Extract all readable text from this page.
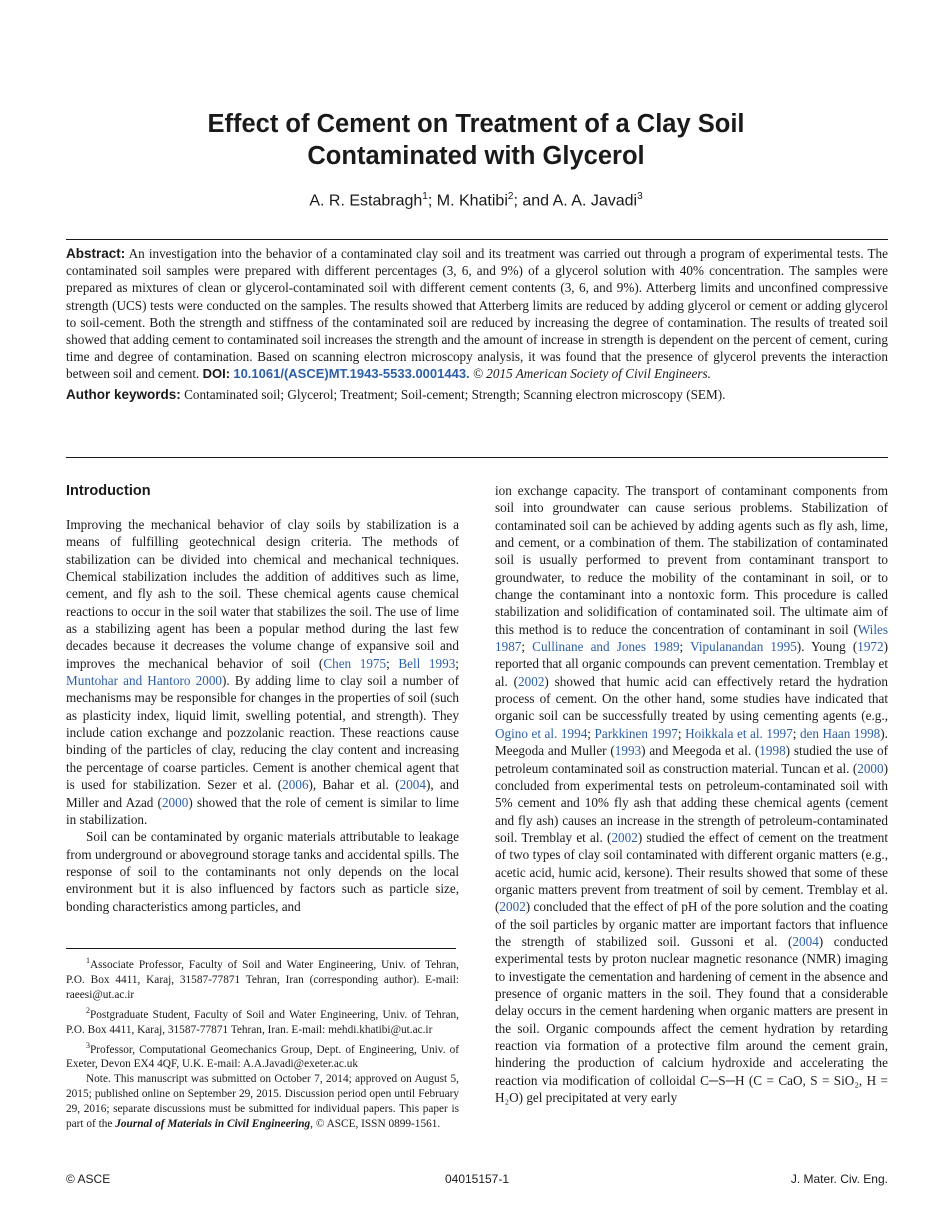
Effect of Cement on Treatment of a Clay Soil
Contaminated with Glycerol
A. R. Estabragh$^1$; M. Khatibi$^2$; and A. A. Javadi$^3$
Abstract: An investigation into the behavior of a contaminated clay soil and its treatment was carried out through a program of experimental tests. The contaminated soil samples were prepared with different percentages (3, 6, and 9%) of a glycerol solution with 40% concentration. The samples were prepared as mixtures of clean or glycerol-contaminated soil with different cement contents (3, 6, and 9%). Atterberg limits and unconfined compressive strength (UCS) tests were conducted on the samples. The results showed that Atterberg limits are reduced by adding glycerol or cement or adding glycerol to soil-cement. Both the strength and stiffness of the contaminated soil are reduced by increasing the degree of contamination. The results of treated soil showed that adding cement to contaminated soil increases the strength and the amount of increase in strength is dependent on the percent of cement, curing time and degree of contamination. Based on scanning electron microscopy analysis, it was found that the presence of glycerol prevents the interaction between soil and cement. DOI: 10.1061/(ASCE)MT.1943-5533.0001443. © 2015 American Society of Civil Engineers.
Author keywords: Contaminated soil; Glycerol; Treatment; Soil-cement; Strength; Scanning electron microscopy (SEM).
Introduction

Improving the mechanical behavior of clay soils by stabilization is a means of fulfilling geotechnical design criteria. The methods of stabilization can be divided into chemical and mechanical techniques. Chemical stabilization includes the addition of additives such as lime, cement, and fly ash to the soil. These chemical agents cause chemical reactions to occur in the soil water that stabilizes the soil. The use of lime as a stabilizing agent has been a popular method during the last few decades because it decreases the volume change of expansive soil and improves the mechanical behavior of soil (Chen 1975; Bell 1993; Muntohar and Hantoro 2000). By adding lime to clay soil a number of mechanisms may be responsible for changes in the properties of soil (such as plasticity index, liquid limit, swelling potential, and strength). They include cation exchange and pozzolanic reaction. These reactions cause binding of the particles of clay, reducing the clay content and increasing the percentage of coarse particles. Cement is another chemical agent that is used for stabilization. Sezer et al. (2006), Bahar et al. (2004), and Miller and Azad (2000) showed that the role of cement is similar to lime in stabilization.

Soil can be contaminated by organic materials attributable to leakage from underground or aboveground storage tanks and accidental spills. The response of soil to the contaminants not only depends on the local environment but it is also influenced by factors such as particle size, bonding characteristics among particles, and

$^1$Associate Professor, Faculty of Soil and Water Engineering, Univ. of Tehran, P.O. Box 4411, Karaj, 31587-77871 Tehran, Iran (corresponding author). E-mail: raeesi@ut.ac.ir

$^2$Postgraduate Student, Faculty of Soil and Water Engineering, Univ. of Tehran, P.O. Box 4411, Karaj, 31587-77871 Tehran, Iran. E-mail: mehdi.khatibi@ut.ac.ir

$^3$Professor, Computational Geomechanics Group, Dept. of Engineering, Univ. of Exeter, Devon EX4 4QF, U.K. E-mail: A.A.Javadi@exeter.ac.uk

Note. This manuscript was submitted on October 7, 2014; approved on August 5, 2015; published online on September 29, 2015. Discussion period open until February 29, 2016; separate discussions must be submitted for individual papers. This paper is part of the Journal of Materials in Civil Engineering, © ASCE, ISSN 0899-1561.

ion exchange capacity. The transport of contaminant components from soil into groundwater can cause serious problems. Stabilization of contaminated soil can be achieved by adding agents such as fly ash, lime, and cement, or a combination of them. The stabilization of contaminated soil is usually performed to prevent from contaminant transport to groundwater, to reduce the mobility of the contaminant in soil, or to change the contaminant into a nontoxic form. This procedure is called stabilization and solidification of contaminated soil. The ultimate aim of this method is to reduce the concentration of contaminant in soil (Wiles 1987; Cullinane and Jones 1989; Vipulanandan 1995). Young (1972) reported that all organic compounds can prevent cementation. Tremblay et al. (2002) showed that humic acid can effectively retard the hydration process of cement. On the other hand, some studies have indicated that organic soil can be successfully treated by using cementing agents (e.g., Ogino et al. 1994; Parkkinen 1997; Hoikkala et al. 1997; den Haan 1998). Meegoda and Muller (1993) and Meegoda et al. (1998) studied the use of petroleum contaminated soil as construction material. Tuncan et al. (2000) concluded from experimental tests on petroleum-contaminated soil with 5% cement and 10% fly ash that adding these chemical agents (cement and fly ash) causes an increase in the strength of petroleum-contaminated soil. Tremblay et al. (2002) studied the effect of cement on the treatment of two types of clay soil contaminated with different organic matters (e.g., acetic acid, humic acid, kersone). Their results showed that some of these organic matters prevent from treatment of soil by cement. Tremblay et al. (2002) concluded that the effect of pH of the pore solution and the coating of the soil particles by organic matter are important factors that influence the strength of stabilized soil. Gussoni et al. (2004) conducted experimental tests by proton nuclear magnetic resonance (NMR) imaging to investigate the cementation and hardening of cement in the absence and presence of organic matters in the soil. They found that a considerable delay occurs in the cement hardening when organic matters are present in the soil. Organic compounds affect the cement hydration by retarding reaction via formation of a protective film around the cement grain, hindering the production of calcium hydroxide and accelerating the reaction via modification of colloidal C─S─H (C = CaO, S = SiO₂, H = H₂O) gel precipitated at very early

© ASCE	04015157-1	J. Mater. Civ. Eng.
